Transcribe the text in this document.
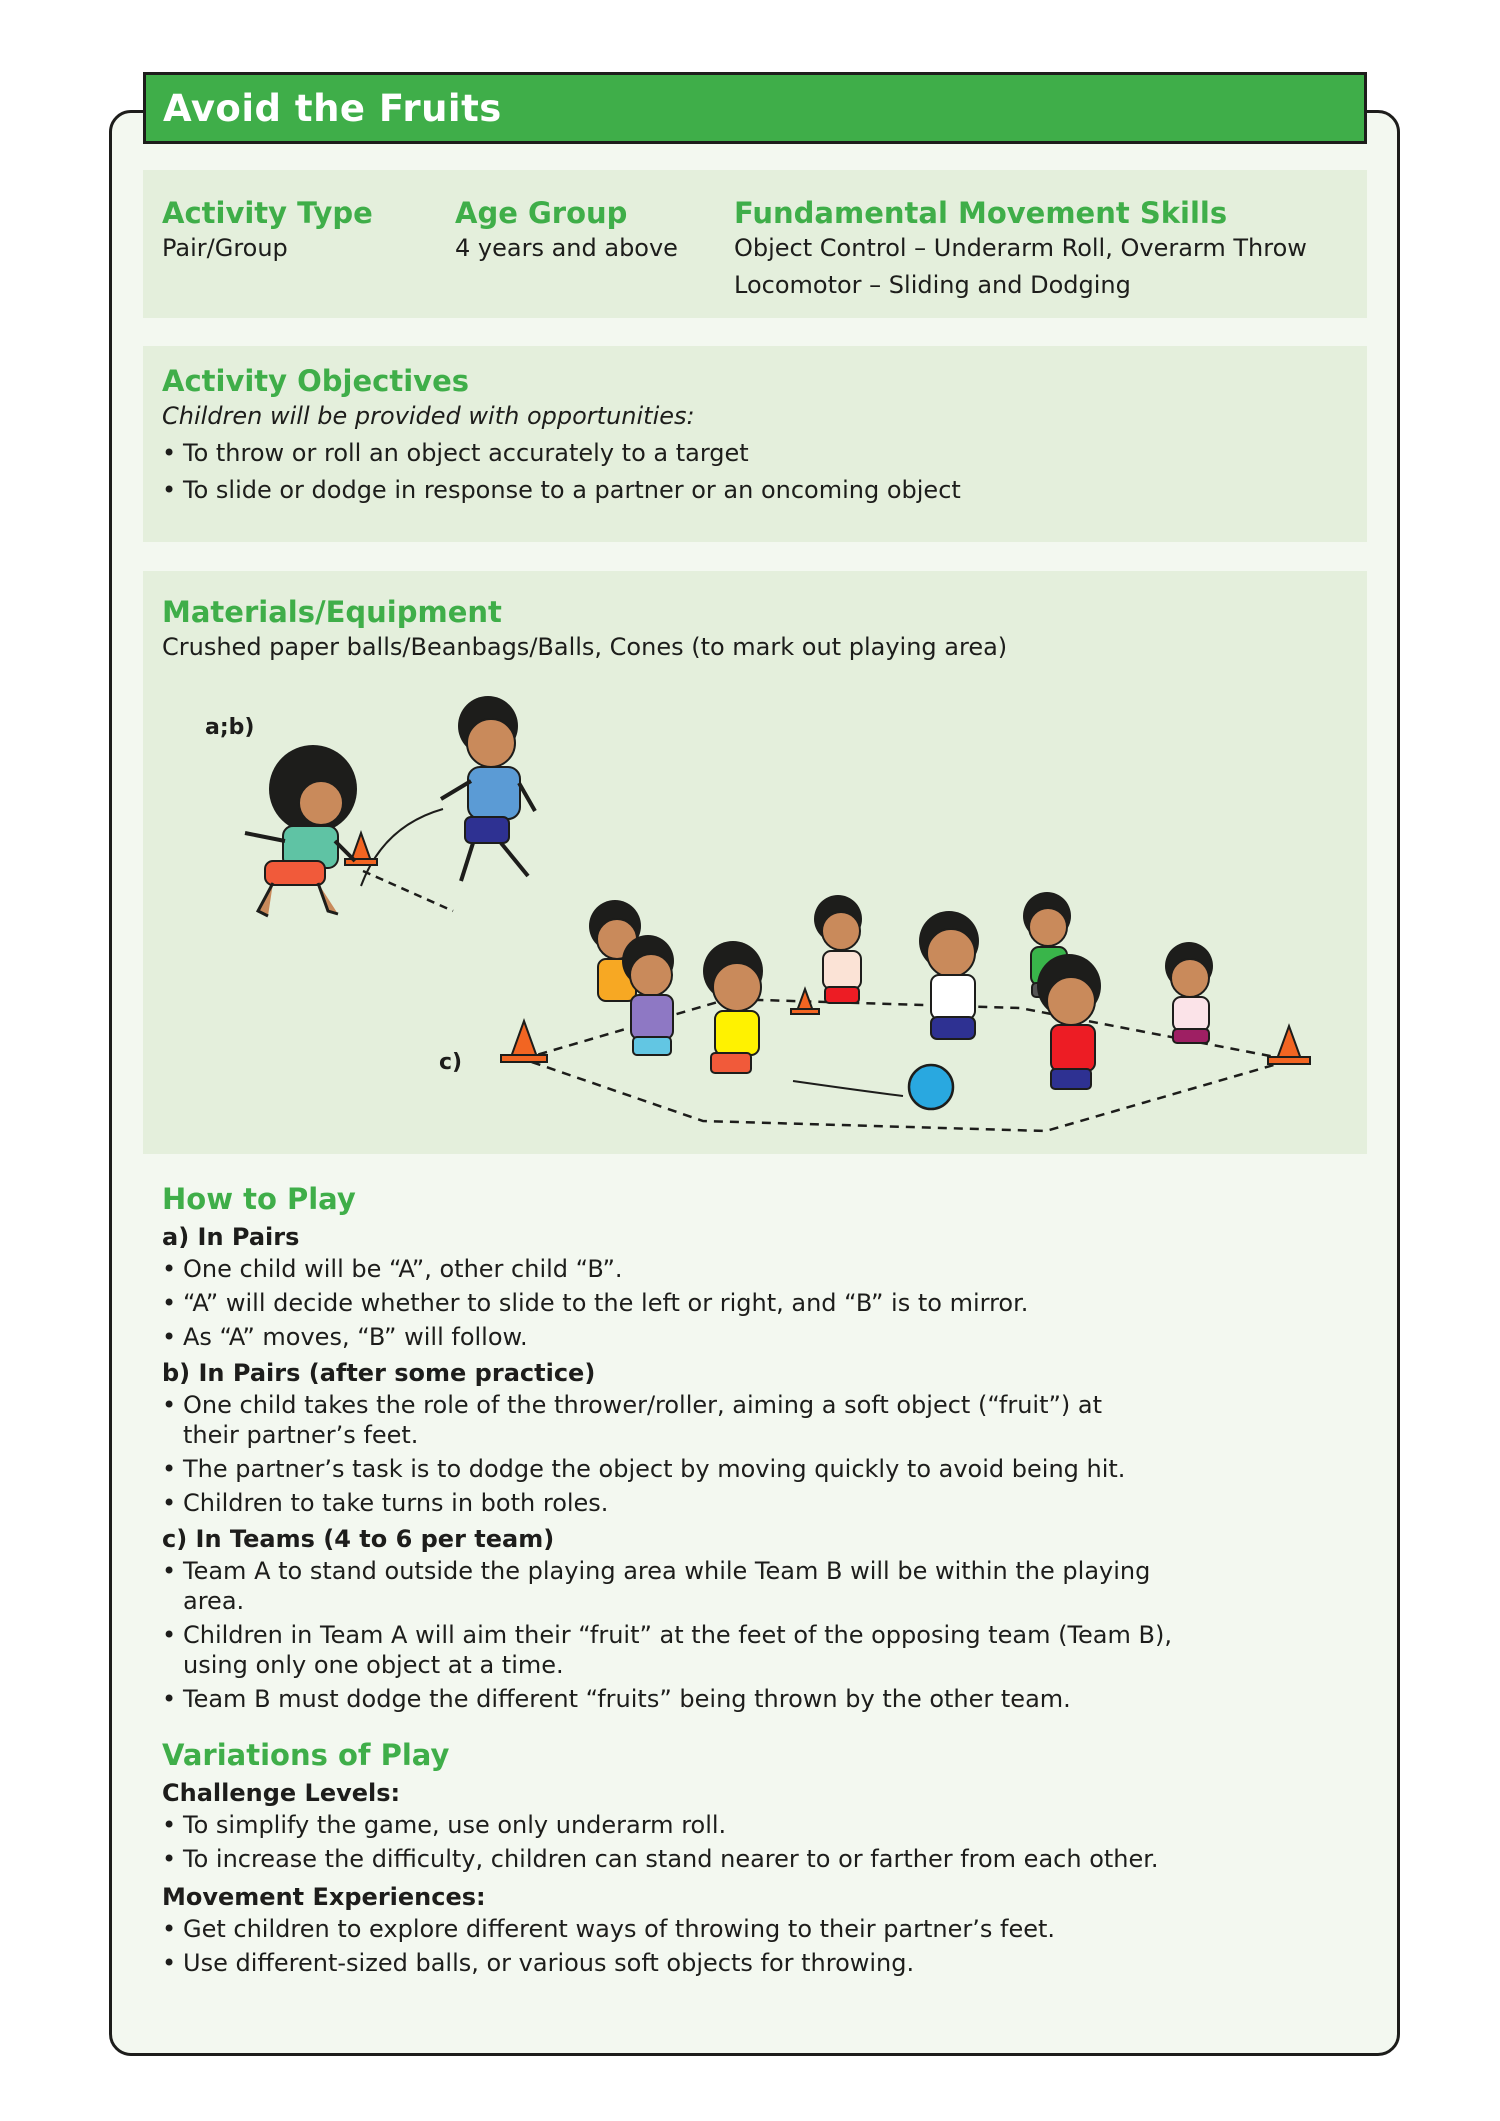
Avoid the Fruits

Activity Type

Pair/Group

Age Group

4 years and above

Fundamental Movement Skills

Object Control – Underarm Roll, Overarm Throw

Locomotor – Sliding and Dodging

Activity Objectives

Children will be provided with opportunities:

• To throw or roll an object accurately to a target
• To slide or dodge in response to a partner or an oncoming object

Materials/Equipment

Crushed paper balls/Beanbags/Balls, Cones (to mark out playing area)

a;b)
c)

How to Play

a) In Pairs

• One child will be “A”, other child “B”.
• “A” will decide whether to slide to the left or right, and “B” is to mirror.
• As “A” moves, “B” will follow.

b) In Pairs (after some practice)

• One child takes the role of the thrower/roller, aiming a soft object (“fruit”) at their partner’s feet.
• The partner’s task is to dodge the object by moving quickly to avoid being hit.
• Children to take turns in both roles.

c) In Teams (4 to 6 per team)

• Team A to stand outside the playing area while Team B will be within the playing area.
• Children in Team A will aim their “fruit” at the feet of the opposing team (Team B), using only one object at a time.
• Team B must dodge the different “fruits” being thrown by the other team.

Variations of Play

Challenge Levels:

• To simplify the game, use only underarm roll.
• To increase the difficulty, children can stand nearer to or farther from each other.

Movement Experiences:

• Get children to explore different ways of throwing to their partner’s feet.
• Use different-sized balls, or various soft objects for throwing.
